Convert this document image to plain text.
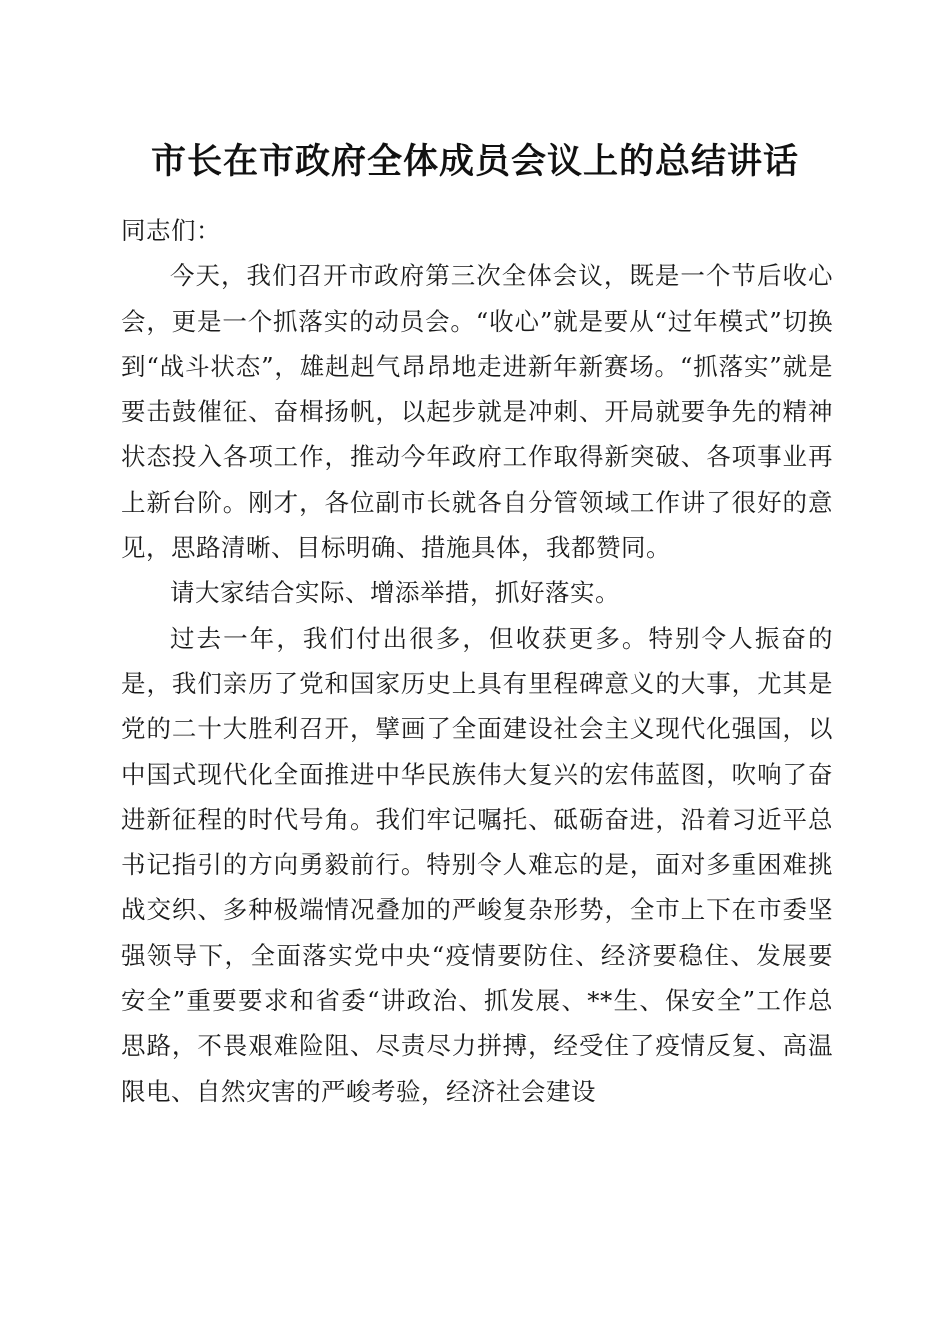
市长在市政府全体成员会议上的总结讲话

同志们：

今天，我们召开市政府第三次全体会议，既是一个节后收心会，更是一个抓落实的动员会。“收心”就是要从“过年模式”切换到“战斗状态”，雄赳赳气昂昂地走进新年新赛场。“抓落实”就是要击鼓催征、奋楫扬帆，以起步就是冲刺、开局就要争先的精神状态投入各项工作，推动今年政府工作取得新突破、各项事业再上新台阶。刚才，各位副市长就各自分管领域工作讲了很好的意见，思路清晰、目标明确、措施具体，我都赞同。

请大家结合实际、增添举措，抓好落实。

过去一年，我们付出很多，但收获更多。特别令人振奋的是，我们亲历了党和国家历史上具有里程碑意义的大事，尤其是党的二十大胜利召开，擘画了全面建设社会主义现代化强国，以中国式现代化全面推进中华民族伟大复兴的宏伟蓝图，吹响了奋进新征程的时代号角。我们牢记嘱托、砥砺奋进，沿着习近平总书记指引的方向勇毅前行。特别令人难忘的是，面对多重困难挑战交织、多种极端情况叠加的严峻复杂形势，全市上下在市委坚强领导下，全面落实党中央“疫情要防住、经济要稳住、发展要安全”重要要求和省委“讲政治、抓发展、**生、保安全”工作总思路，不畏艰难险阻、尽责尽力拼搏，经受住了疫情反复、高温限电、自然灾害的严峻考验，经济社会建设
